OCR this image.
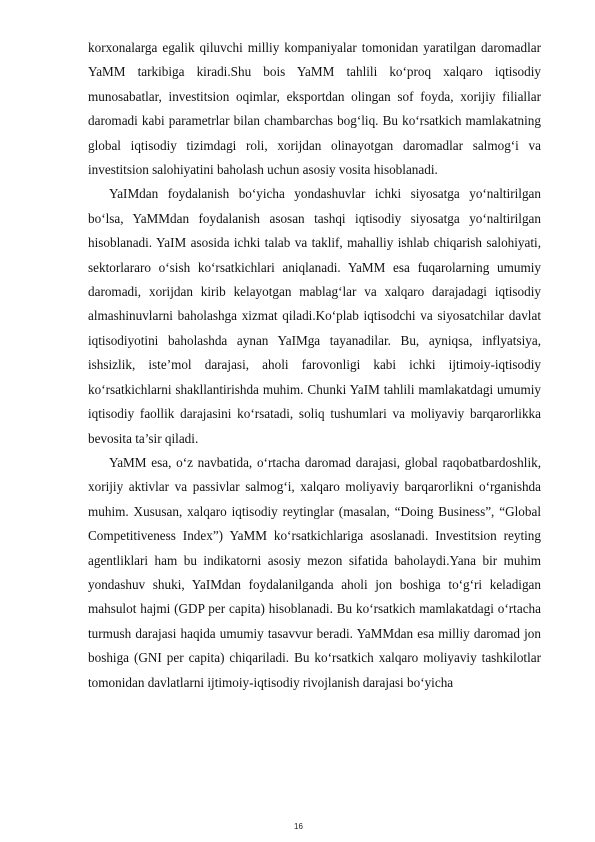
korxonalarga egalik qiluvchi milliy kompaniyalar tomonidan yaratilgan daromadlar YaMM tarkibiga kiradi.Shu bois YaMM tahlili ko‘proq xalqaro iqtisodiy munosabatlar, investitsion oqimlar, eksportdan olingan sof foyda, xorijiy filiallar daromadi kabi parametrlar bilan chambarchas bog‘liq. Bu ko‘rsatkich mamlakatning global iqtisodiy tizimdagi roli, xorijdan olinayotgan daromadlar salmog‘i va investitsion salohiyatini baholash uchun asosiy vosita hisoblanadi.

YaIMdan foydalanish bo‘yicha yondashuvlar ichki siyosatga yo‘naltirilgan bo‘lsa, YaMMdan foydalanish asosan tashqi iqtisodiy siyosatga yo‘naltirilgan hisoblanadi. YaIM asosida ichki talab va taklif, mahalliy ishlab chiqarish salohiyati, sektorlararo o‘sish ko‘rsatkichlari aniqlanadi. YaMM esa fuqarolarning umumiy daromadi, xorijdan kirib kelayotgan mablag‘lar va xalqaro darajadagi iqtisodiy almashinuvlarni baholashga xizmat qiladi.Ko‘plab iqtisodchi va siyosatchilar davlat iqtisodiyotini baholashda aynan YaIMga tayanadilar. Bu, ayniqsa, inflyatsiya, ishsizlik, iste’mol darajasi, aholi farovonligi kabi ichki ijtimoiy-iqtisodiy ko‘rsatkichlarni shakllantirishda muhim. Chunki YaIM tahlili mamlakatdagi umumiy iqtisodiy faollik darajasini ko‘rsatadi, soliq tushumlari va moliyaviy barqarorlikka bevosita ta’sir qiladi.

YaMM esa, o‘z navbatida, o‘rtacha daromad darajasi, global raqobatbardoshlik, xorijiy aktivlar va passivlar salmog‘i, xalqaro moliyaviy barqarorlikni o‘rganishda muhim. Xususan, xalqaro iqtisodiy reytinglar (masalan, “Doing Business”, “Global Competitiveness Index”) YaMM ko‘rsatkichlariga asoslanadi. Investitsion reyting agentliklari ham bu indikatorni asosiy mezon sifatida baholaydi.Yana bir muhim yondashuv shuki, YaIMdan foydalanilganda aholi jon boshiga to‘g‘ri keladigan mahsulot hajmi (GDP per capita) hisoblanadi. Bu ko‘rsatkich mamlakatdagi o‘rtacha turmush darajasi haqida umumiy tasavvur beradi. YaMMdan esa milliy daromad jon boshiga (GNI per capita) chiqariladi. Bu ko‘rsatkich xalqaro moliyaviy tashkilotlar tomonidan davlatlarni ijtimoiy-iqtisodiy rivojlanish darajasi bo‘yicha

16
